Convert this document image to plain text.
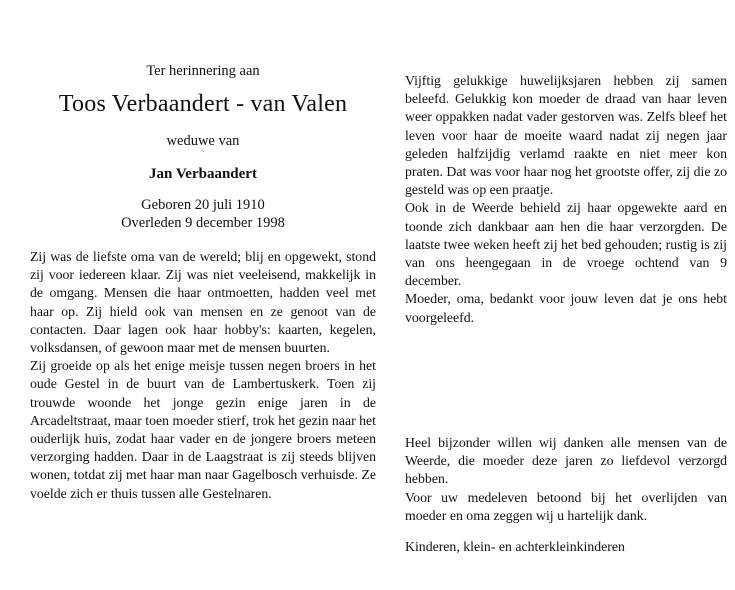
Ter herinnering aan
Toos Verbaandert - van Valen
weduwe van
ˋ
Jan Verbaandert
Geboren 20 juli 1910
Overleden 9 december 1998

Zij was de liefste oma van de wereld; blij en opgewekt, stond zij voor iedereen klaar. Zij was niet veeleisend, makkelijk in de omgang. Mensen die haar ontmoetten, hadden veel met haar op. Zij hield ook van mensen en ze genoot van de contacten. Daar lagen ook haar hobby's: kaarten, kegelen, volksdansen, of gewoon maar met de mensen buurten.

Zij groeide op als het enige meisje tussen negen broers in het oude Gestel in de buurt van de Lambertuskerk. Toen zij trouwde woonde het jonge gezin enige jaren in de Arcadeltstraat, maar toen moeder stierf, trok het gezin naar het ouderlijk huis, zodat haar vader en de jongere broers meteen verzorging hadden. Daar in de Laagstraat is zij steeds blijven wonen, totdat zij met haar man naar Gagelbosch verhuisde. Ze voelde zich er thuis tussen alle Gestelnaren.

Vijftig gelukkige huwelijksjaren hebben zij samen beleefd. Gelukkig kon moeder de draad van haar leven weer oppakken nadat vader gestorven was. Zelfs bleef het leven voor haar de moeite waard nadat zij negen jaar geleden halfzijdig verlamd raakte en niet meer kon praten. Dat was voor haar nog het grootste offer, zij die zo gesteld was op een praatje.

Ook in de Weerde behield zij haar opgewekte aard en toonde zich dankbaar aan hen die haar verzorgden. De laatste twee weken heeft zij het bed gehouden; rustig is zij van ons heengegaan in de vroege ochtend van 9 december.

Moeder, oma, bedankt voor jouw leven dat je ons hebt voorgeleefd.

Heel bijzonder willen wij danken alle mensen van de Weerde, die moeder deze jaren zo liefdevol verzorgd hebben.

Voor uw medeleven betoond bij het overlijden van moeder en oma zeggen wij u hartelijk dank.

Kinderen, klein- en achterkleinkinderen
